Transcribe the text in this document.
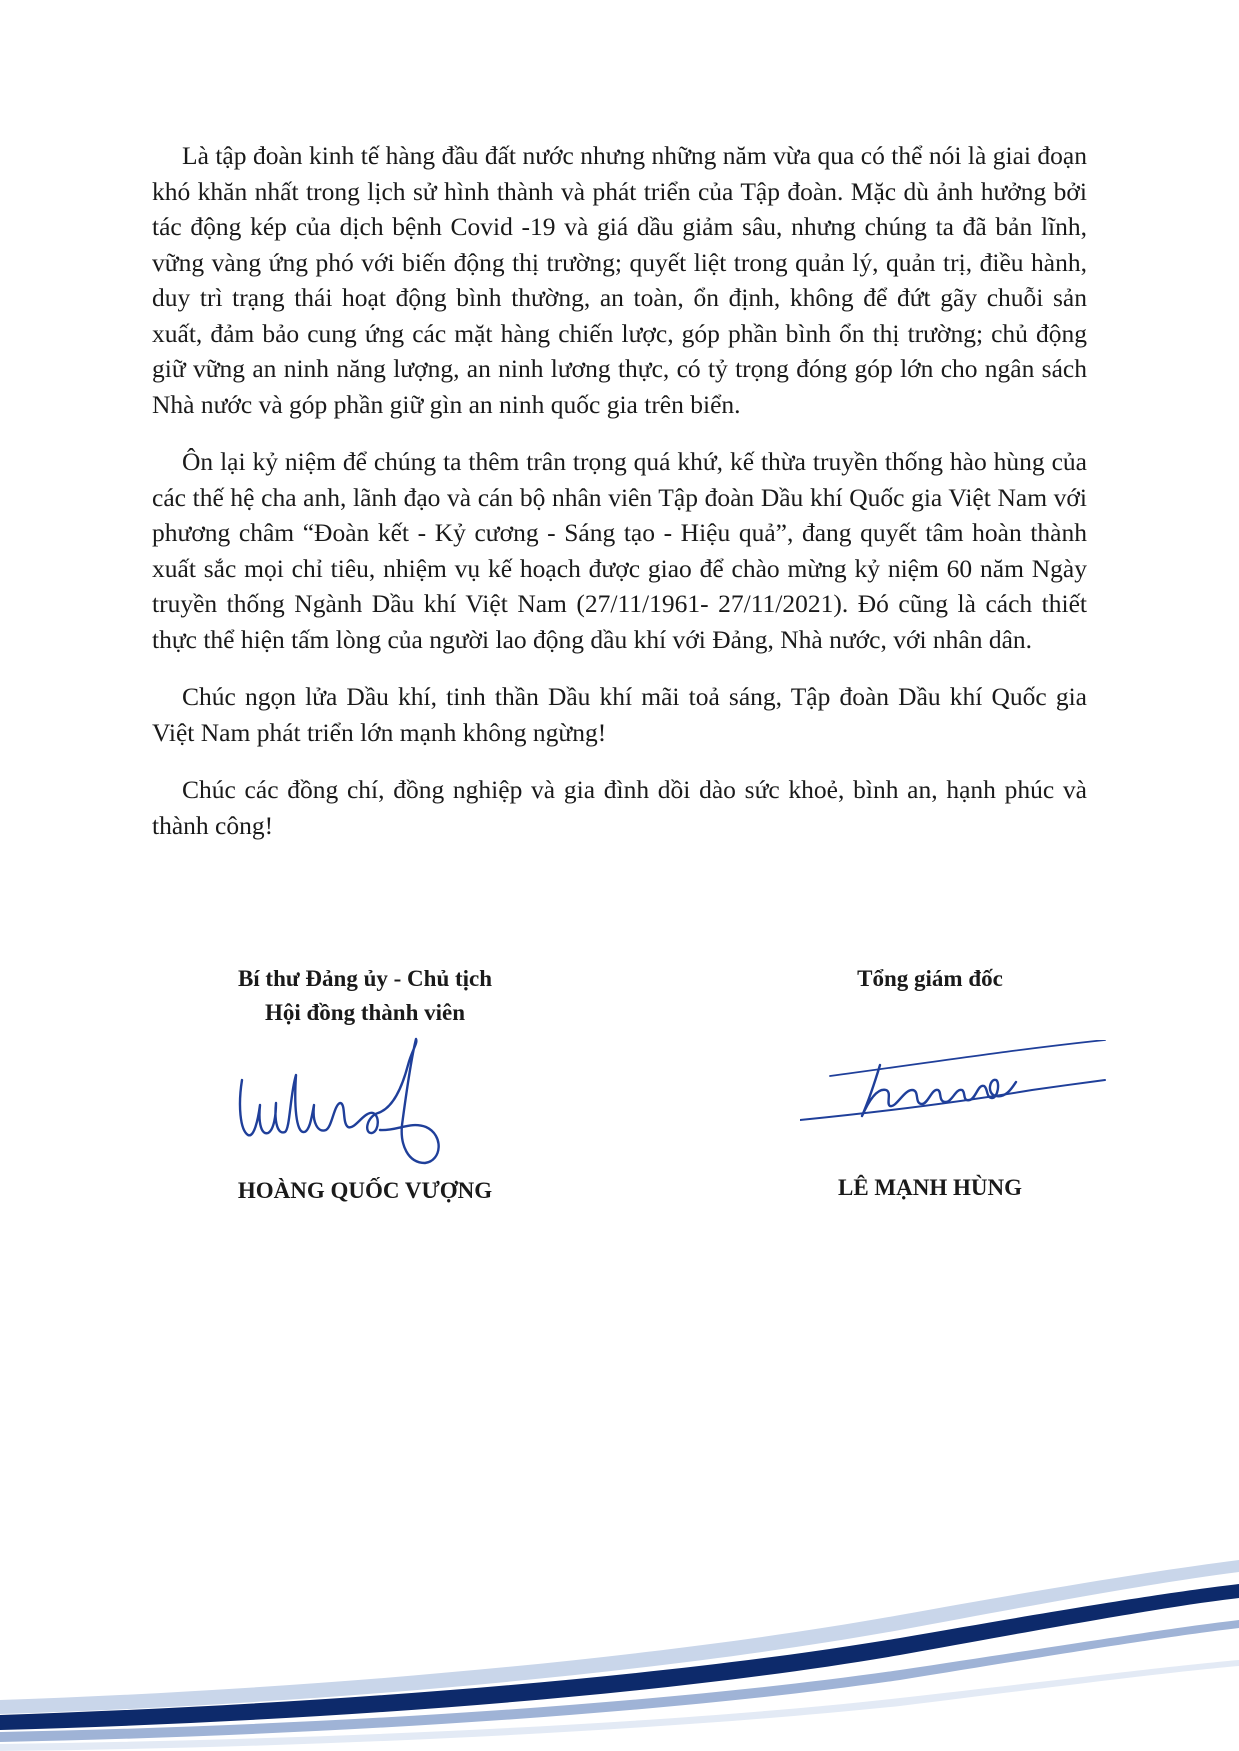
Là tập đoàn kinh tế hàng đầu đất nước nhưng những năm vừa qua có thể nói là giai đoạn khó khăn nhất trong lịch sử hình thành và phát triển của Tập đoàn. Mặc dù ảnh hưởng bởi tác động kép của dịch bệnh Covid -19 và giá dầu giảm sâu, nhưng chúng ta đã bản lĩnh, vững vàng ứng phó với biến động thị trường; quyết liệt trong quản lý, quản trị, điều hành, duy trì trạng thái hoạt động bình thường, an toàn, ổn định, không để đứt gãy chuỗi sản xuất, đảm bảo cung ứng các mặt hàng chiến lược, góp phần bình ổn thị trường; chủ động giữ vững an ninh năng lượng, an ninh lương thực, có tỷ trọng đóng góp lớn cho ngân sách Nhà nước và góp phần giữ gìn an ninh quốc gia trên biển.

Ôn lại kỷ niệm để chúng ta thêm trân trọng quá khứ, kế thừa truyền thống hào hùng của các thế hệ cha anh, lãnh đạo và cán bộ nhân viên Tập đoàn Dầu khí Quốc gia Việt Nam với phương châm “Đoàn kết - Kỷ cương - Sáng tạo - Hiệu quả”, đang quyết tâm hoàn thành xuất sắc mọi chỉ tiêu, nhiệm vụ kế hoạch được giao để chào mừng kỷ niệm 60 năm Ngày truyền thống Ngành Dầu khí Việt Nam (27/11/1961- 27/11/2021). Đó cũng là cách thiết thực thể hiện tấm lòng của người lao động dầu khí với Đảng, Nhà nước, với nhân dân.

Chúc ngọn lửa Dầu khí, tinh thần Dầu khí mãi toả sáng, Tập đoàn Dầu khí Quốc gia Việt Nam phát triển lớn mạnh không ngừng!

Chúc các đồng chí, đồng nghiệp và gia đình dồi dào sức khoẻ, bình an, hạnh phúc và thành công!

Bí thư Đảng ủy - Chủ tịch
Hội đồng thành viên
HOÀNG QUỐC VƯỢNG
Tổng giám đốc
LÊ MẠNH HÙNG
